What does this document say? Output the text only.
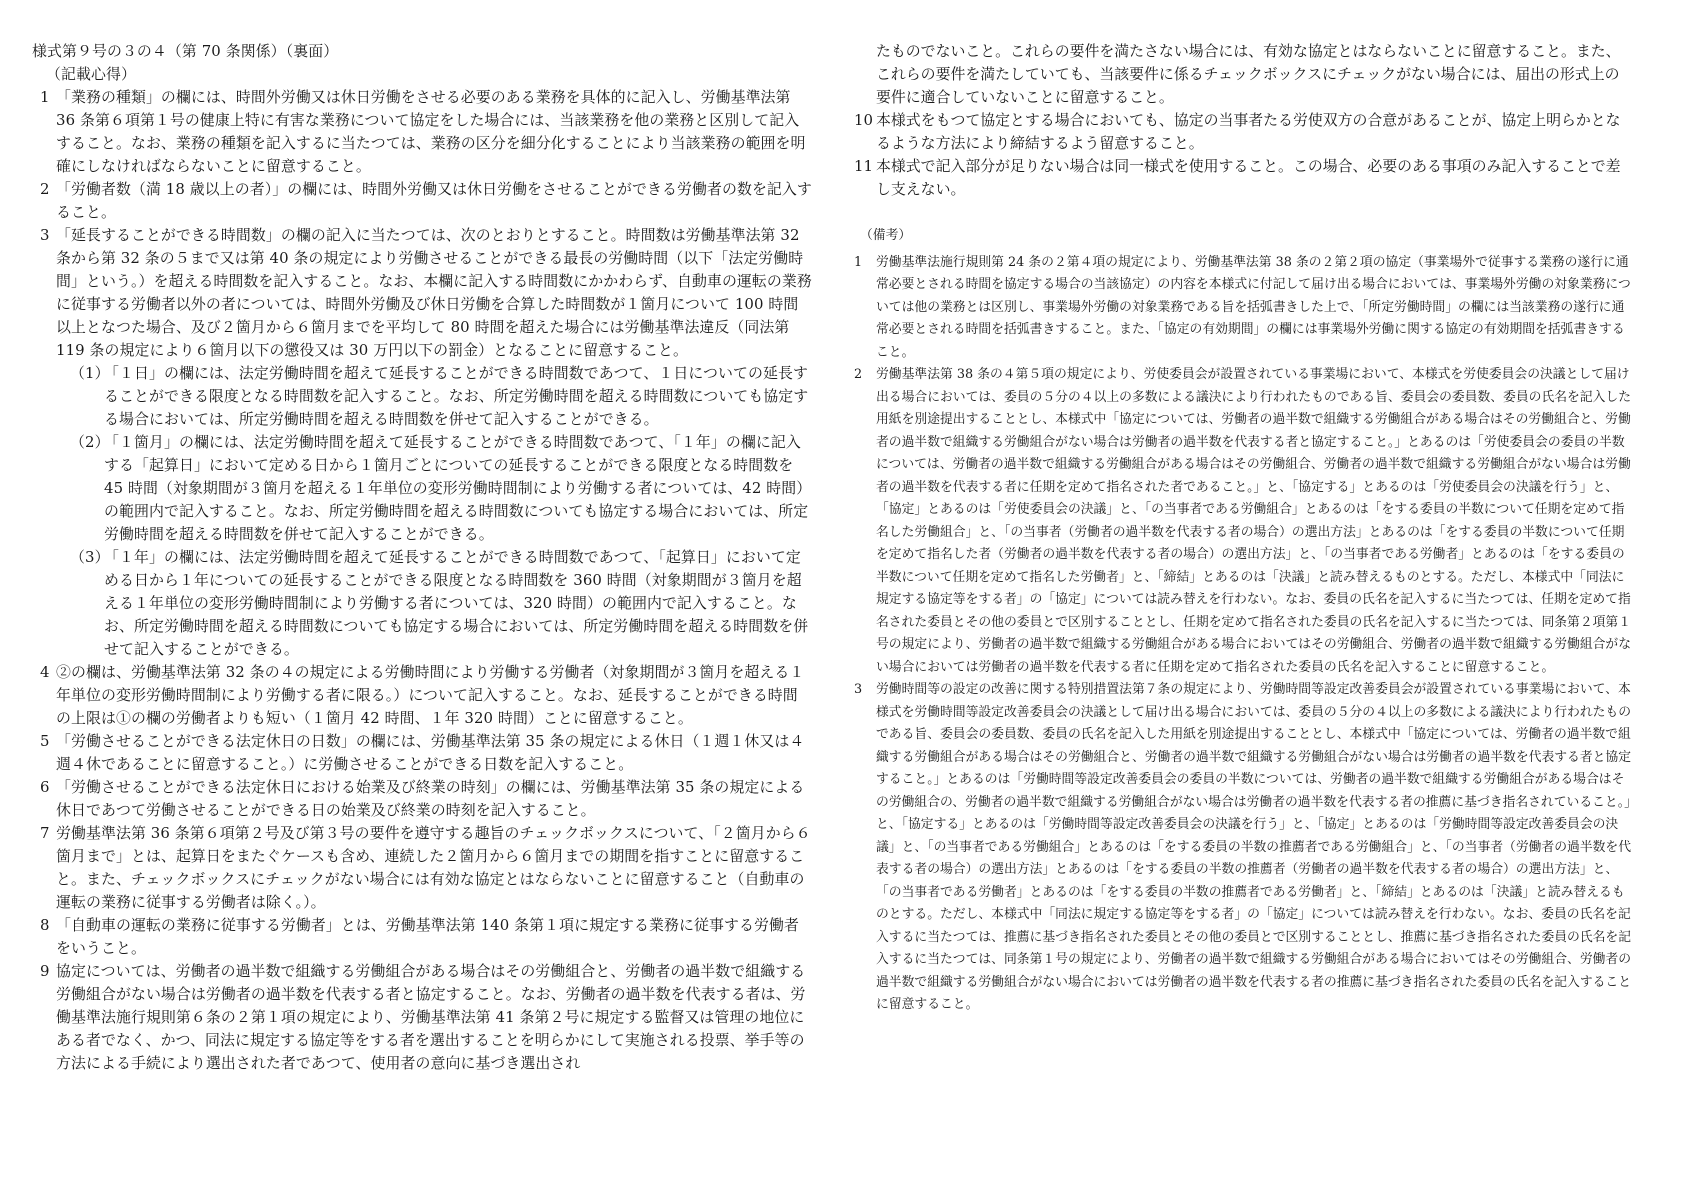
様式第９号の３の４（第 70 条関係）（裏面）

（記載心得）

1 「業務の種類」の欄には、時間外労働又は休日労働をさせる必要のある業務を具体的に記入し、労働基準法第 36 条第６項第１号の健康上特に有害な業務について協定をした場合には、当該業務を他の業務と区別して記入すること。なお、業務の種類を記入するに当たつては、業務の区分を細分化することにより当該業務の範囲を明確にしなければならないことに留意すること。

2 「労働者数（満 18 歳以上の者）」の欄には、時間外労働又は休日労働をさせることができる労働者の数を記入すること。

3 「延長することができる時間数」の欄の記入に当たつては、次のとおりとすること。時間数は労働基準法第 32 条から第 32 条の５まで又は第 40 条の規定により労働させることができる最長の労働時間（以下「法定労働時間」という。）を超える時間数を記入すること。なお、本欄に記入する時間数にかかわらず、自動車の運転の業務に従事する労働者以外の者については、時間外労働及び休日労働を合算した時間数が１箇月について 100 時間以上となつた場合、及び２箇月から６箇月までを平均して 80 時間を超えた場合には労働基準法違反（同法第 119 条の規定により６箇月以下の懲役又は 30 万円以下の罰金）となることに留意すること。

（1）
「１日」の欄には、法定労働時間を超えて延長することができる時間数であつて、１日についての延長することができる限度となる時間数を記入すること。なお、所定労働時間を超える時間数についても協定する場合においては、所定労働時間を超える時間数を併せて記入することができる。

（2）
「１箇月」の欄には、法定労働時間を超えて延長することができる時間数であつて、「１年」の欄に記入する「起算日」において定める日から１箇月ごとについての延長することができる限度となる時間数を 45 時間（対象期間が３箇月を超える１年単位の変形労働時間制により労働する者については、42 時間）の範囲内で記入すること。なお、所定労働時間を超える時間数についても協定する場合においては、所定労働時間を超える時間数を併せて記入することができる。

（3）
「１年」の欄には、法定労働時間を超えて延長することができる時間数であつて、「起算日」において定める日から１年についての延長することができる限度となる時間数を 360 時間（対象期間が３箇月を超える１年単位の変形労働時間制により労働する者については、320 時間）の範囲内で記入すること。なお、所定労働時間を超える時間数についても協定する場合においては、所定労働時間を超える時間数を併せて記入することができる。

4 ②の欄は、労働基準法第 32 条の４の規定による労働時間により労働する労働者（対象期間が３箇月を超える１年単位の変形労働時間制により労働する者に限る。）について記入すること。なお、延長することができる時間の上限は①の欄の労働者よりも短い（１箇月 42 時間、１年 320 時間）ことに留意すること。

5 「労働させることができる法定休日の日数」の欄には、労働基準法第 35 条の規定による休日（１週１休又は４週４休であることに留意すること。）に労働させることができる日数を記入すること。

6 「労働させることができる法定休日における始業及び終業の時刻」の欄には、労働基準法第 35 条の規定による休日であつて労働させることができる日の始業及び終業の時刻を記入すること。

7 労働基準法第 36 条第６項第２号及び第３号の要件を遵守する趣旨のチェックボックスについて、「２箇月から６箇月まで」とは、起算日をまたぐケースも含め、連続した２箇月から６箇月までの期間を指すことに留意すること。また、チェックボックスにチェックがない場合には有効な協定とはならないことに留意すること（自動車の運転の業務に従事する労働者は除く。）。

8 「自動車の運転の業務に従事する労働者」とは、労働基準法第 140 条第１項に規定する業務に従事する労働者をいうこと。

9 協定については、労働者の過半数で組織する労働組合がある場合はその労働組合と、労働者の過半数で組織する労働組合がない場合は労働者の過半数を代表する者と協定すること。なお、労働者の過半数を代表する者は、労働基準法施行規則第６条の２第１項の規定により、労働基準法第 41 条第２号に規定する監督又は管理の地位にある者でなく、かつ、同法に規定する協定等をする者を選出することを明らかにして実施される投票、挙手等の方法による手続により選出された者であつて、使用者の意向に基づき選出され

たものでないこと。これらの要件を満たさない場合には、有効な協定とはならないことに留意すること。また、これらの要件を満たしていても、当該要件に係るチェックボックスにチェックがない場合には、届出の形式上の要件に適合していないことに留意すること。

10 本様式をもつて協定とする場合においても、協定の当事者たる労使双方の合意があることが、協定上明らかとなるような方法により締結するよう留意すること。

11 本様式で記入部分が足りない場合は同一様式を使用すること。この場合、必要のある事項のみ記入することで差し支えない。

（備考）

1 労働基準法施行規則第 24 条の２第４項の規定により、労働基準法第 38 条の２第２項の協定（事業場外で従事する業務の遂行に通常必要とされる時間を協定する場合の当該協定）の内容を本様式に付記して届け出る場合においては、事業場外労働の対象業務については他の業務とは区別し、事業場外労働の対象業務である旨を括弧書きした上で、「所定労働時間」の欄には当該業務の遂行に通常必要とされる時間を括弧書きすること。また、「協定の有効期間」の欄には事業場外労働に関する協定の有効期間を括弧書きすること。

2 労働基準法第 38 条の４第５項の規定により、労使委員会が設置されている事業場において、本様式を労使委員会の決議として届け出る場合においては、委員の５分の４以上の多数による議決により行われたものである旨、委員会の委員数、委員の氏名を記入した用紙を別途提出することとし、本様式中「協定については、労働者の過半数で組織する労働組合がある場合はその労働組合と、労働者の過半数で組織する労働組合がない場合は労働者の過半数を代表する者と協定すること。」とあるのは「労使委員会の委員の半数については、労働者の過半数で組織する労働組合がある場合はその労働組合、労働者の過半数で組織する労働組合がない場合は労働者の過半数を代表する者に任期を定めて指名された者であること。」と、「協定する」とあるのは「労使委員会の決議を行う」と、「協定」とあるのは「労使委員会の決議」と、「の当事者である労働組合」とあるのは「をする委員の半数について任期を定めて指名した労働組合」と、「の当事者（労働者の過半数を代表する者の場合）の選出方法」とあるのは「をする委員の半数について任期を定めて指名した者（労働者の過半数を代表する者の場合）の選出方法」と、「の当事者である労働者」とあるのは「をする委員の半数について任期を定めて指名した労働者」と、「締結」とあるのは「決議」と読み替えるものとする。ただし、本様式中「同法に規定する協定等をする者」の「協定」については読み替えを行わない。なお、委員の氏名を記入するに当たつては、任期を定めて指名された委員とその他の委員とで区別することとし、任期を定めて指名された委員の氏名を記入するに当たつては、同条第２項第１号の規定により、労働者の過半数で組織する労働組合がある場合においてはその労働組合、労働者の過半数で組織する労働組合がない場合においては労働者の過半数を代表する者に任期を定めて指名された委員の氏名を記入することに留意すること。

3 労働時間等の設定の改善に関する特別措置法第７条の規定により、労働時間等設定改善委員会が設置されている事業場において、本様式を労働時間等設定改善委員会の決議として届け出る場合においては、委員の５分の４以上の多数による議決により行われたものである旨、委員会の委員数、委員の氏名を記入した用紙を別途提出することとし、本様式中「協定については、労働者の過半数で組織する労働組合がある場合はその労働組合と、労働者の過半数で組織する労働組合がない場合は労働者の過半数を代表する者と協定すること。」とあるのは「労働時間等設定改善委員会の委員の半数については、労働者の過半数で組織する労働組合がある場合はその労働組合の、労働者の過半数で組織する労働組合がない場合は労働者の過半数を代表する者の推薦に基づき指名されていること。」と、「協定する」とあるのは「労働時間等設定改善委員会の決議を行う」と、「協定」とあるのは「労働時間等設定改善委員会の決議」と、「の当事者である労働組合」とあるのは「をする委員の半数の推薦者である労働組合」と、「の当事者（労働者の過半数を代表する者の場合）の選出方法」とあるのは「をする委員の半数の推薦者（労働者の過半数を代表する者の場合）の選出方法」と、「の当事者である労働者」とあるのは「をする委員の半数の推薦者である労働者」と、「締結」とあるのは「決議」と読み替えるものとする。ただし、本様式中「同法に規定する協定等をする者」の「協定」については読み替えを行わない。なお、委員の氏名を記入するに当たつては、推薦に基づき指名された委員とその他の委員とで区別することとし、推薦に基づき指名された委員の氏名を記入するに当たつては、同条第１号の規定により、労働者の過半数で組織する労働組合がある場合においてはその労働組合、労働者の過半数で組織する労働組合がない場合においては労働者の過半数を代表する者の推薦に基づき指名された委員の氏名を記入することに留意すること。
